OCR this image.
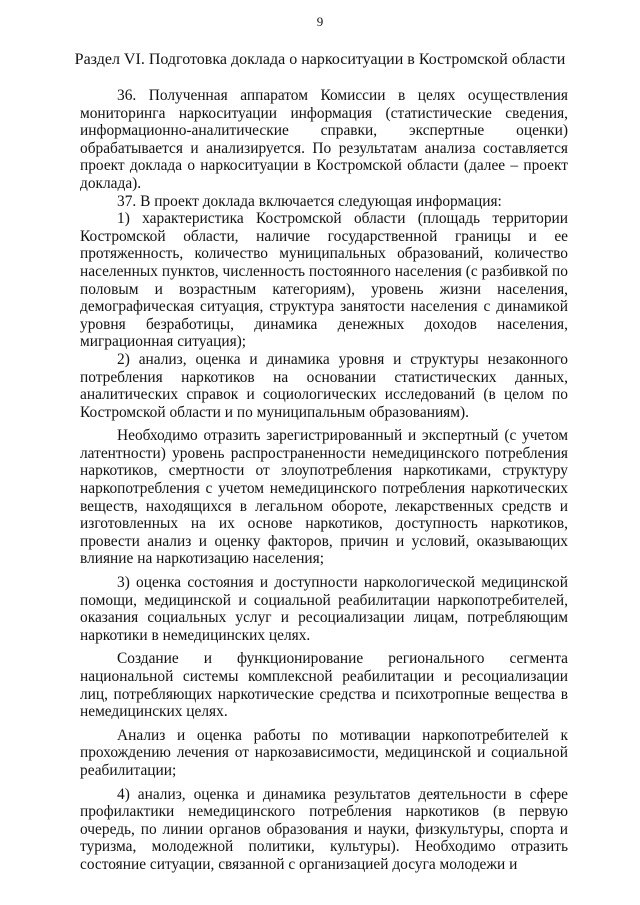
9
Раздел VI. Подготовка доклада о наркоситуации в Костромской области

36. Полученная аппаратом Комиссии в целях осуществления мониторинга наркоситуации информация (статистические сведения, информационно-аналитические справки, экспертные оценки) обрабатывается и анализируется. По результатам анализа составляется проект доклада о наркоситуации в Костромской области (далее – проект доклада).

37. В проект доклада включается следующая информация:

1) характеристика Костромской области (площадь территории Костромской области, наличие государственной границы и ее протяженность, количество муниципальных образований, количество населенных пунктов, численность постоянного населения (с разбивкой по половым и возрастным категориям), уровень жизни населения, демографическая ситуация, структура занятости населения с динамикой уровня безработицы, динамика денежных доходов населения, миграционная ситуация);

2) анализ, оценка и динамика уровня и структуры незаконного потребления наркотиков на основании статистических данных, аналитических справок и социологических исследований (в целом по Костромской области и по муниципальным образованиям).

Необходимо отразить зарегистрированный и экспертный (с учетом латентности) уровень распространенности немедицинского потребления наркотиков, смертности от злоупотребления наркотиками, структуру наркопотребления с учетом немедицинского потребления наркотических веществ, находящихся в легальном обороте, лекарственных средств и изготовленных на их основе наркотиков, доступность наркотиков, провести анализ и оценку факторов, причин и условий, оказывающих влияние на наркотизацию населения;

3) оценка состояния и доступности наркологической медицинской помощи, медицинской и социальной реабилитации наркопотребителей, оказания социальных услуг и ресоциализации лицам, потребляющим наркотики в немедицинских целях.

Создание и функционирование регионального сегмента национальной системы комплексной реабилитации и ресоциализации лиц, потребляющих наркотические средства и психотропные вещества в немедицинских целях.

Анализ и оценка работы по мотивации наркопотребителей к прохождению лечения от наркозависимости, медицинской и социальной реабилитации;

4) анализ, оценка и динамика результатов деятельности в сфере профилактики немедицинского потребления наркотиков (в первую очередь, по линии органов образования и науки, физкультуры, спорта и туризма, молодежной политики, культуры). Необходимо отразить состояние ситуации, связанной с организацией досуга молодежи и
